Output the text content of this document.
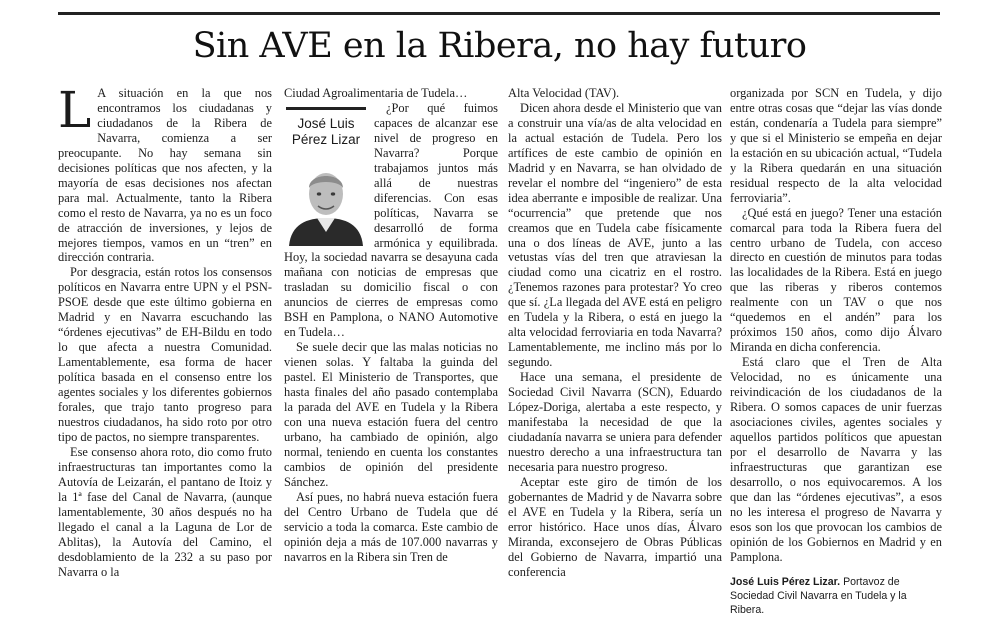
Sin AVE en la Ribera, no hay futuro

L A situación en la que nos encontramos los ciudadanas y ciudadanos de la Ribera de Navarra, comienza a ser preocupante. No hay semana sin decisiones políticas que nos afecten, y la mayoría de esas decisiones nos afectan para mal. Actualmente, tanto la Ribera como el resto de Navarra, ya no es un foco de atracción de inversiones, y lejos de mejores tiempos, vamos en un “tren” en dirección contraria.

Por desgracia, están rotos los consensos políticos en Navarra entre UPN y el PSN-PSOE desde que este último gobierna en Madrid y en Navarra escuchando las “órdenes ejecutivas” de EH-Bildu en todo lo que afecta a nuestra Comunidad. Lamentablemente, esa forma de hacer política basada en el consenso entre los agentes sociales y los diferentes gobiernos forales, que trajo tanto progreso para nuestros ciudadanos, ha sido roto por otro tipo de pactos, no siempre transparentes.

Ese consenso ahora roto, dio como fruto infraestructuras tan importantes como la Autovía de Leizarán, el pantano de Itoiz y la 1ª fase del Canal de Navarra, (aunque lamentablemente, 30 años después no ha llegado el canal a la Laguna de Lor de Ablitas), la Autovía del Camino, el desdoblamiento de la 232 a su paso por Navarra o la

Ciudad Agroalimentaria de Tudela…

José Luis
Pérez Lizar
¿Por qué fuimos capaces de alcanzar ese nivel de progreso en Navarra? Porque trabajamos juntos más allá de nuestras diferencias. Con esas políticas, Navarra se desarrolló de forma armónica y equilibrada. Hoy, la sociedad navarra se desayuna cada mañana con noticias de empresas que trasladan su domicilio fiscal o con anuncios de cierres de empresas como BSH en Pamplona, o NANO Automotive en Tudela…

Se suele decir que las malas noticias no vienen solas. Y faltaba la guinda del pastel. El Ministerio de Transportes, que hasta finales del año pasado contemplaba la parada del AVE en Tudela y la Ribera con una nueva estación fuera del centro urbano, ha cambiado de opinión, algo normal, teniendo en cuenta los constantes cambios de opinión del presidente Sánchez.

Así pues, no habrá nueva estación fuera del Centro Urbano de Tudela que dé servicio a toda la comarca. Este cambio de opinión deja a más de 107.000 navarras y navarros en la Ribera sin Tren de

Alta Velocidad (TAV).

Dicen ahora desde el Ministerio que van a construir una vía/as de alta velocidad en la actual estación de Tudela. Pero los artífices de este cambio de opinión en Madrid y en Navarra, se han olvidado de revelar el nombre del “ingeniero” de esta idea aberrante e imposible de realizar. Una “ocurrencia” que pretende que nos creamos que en Tudela cabe físicamente una o dos líneas de AVE, junto a las vetustas vías del tren que atraviesan la ciudad como una cicatriz en el rostro. ¿Tenemos razones para protestar? Yo creo que sí. ¿La llegada del AVE está en peligro en Tudela y la Ribera, o está en juego la alta velocidad ferroviaria en toda Navarra? Lamentablemente, me inclino más por lo segundo.

Hace una semana, el presidente de Sociedad Civil Navarra (SCN), Eduardo López-Doriga, alertaba a este respecto, y manifestaba la necesidad de que la ciudadanía navarra se uniera para defender nuestro derecho a una infraestructura tan necesaria para nuestro progreso.

Aceptar este giro de timón de los gobernantes de Madrid y de Navarra sobre el AVE en Tudela y la Ribera, sería un error histórico. Hace unos días, Álvaro Miranda, exconsejero de Obras Públicas del Gobierno de Navarra, impartió una conferencia

organizada por SCN en Tudela, y dijo entre otras cosas que “dejar las vías donde están, condenaría a Tudela para siempre” y que si el Ministerio se empeña en dejar la estación en su ubicación actual, “Tudela y la Ribera quedarán en una situación residual respecto de la alta velocidad ferroviaria”.

¿Qué está en juego? Tener una estación comarcal para toda la Ribera fuera del centro urbano de Tudela, con acceso directo en cuestión de minutos para todas las localidades de la Ribera. Está en juego que las riberas y riberos contemos realmente con un TAV o que nos “quedemos en el andén” para los próximos 150 años, como dijo Álvaro Miranda en dicha conferencia.

Está claro que el Tren de Alta Velocidad, no es únicamente una reivindicación de los ciudadanos de la Ribera. O somos capaces de unir fuerzas asociaciones civiles, agentes sociales y aquellos partidos políticos que apuestan por el desarrollo de Navarra y las infraestructuras que garantizan ese desarrollo, o nos equivocaremos. A los que dan las “órdenes ejecutivas”, a esos no les interesa el progreso de Navarra y esos son los que provocan los cambios de opinión de los Gobiernos en Madrid y en Pamplona.

José Luis Pérez Lizar. Portavoz de Sociedad Civil Navarra en Tudela y la Ribera.
